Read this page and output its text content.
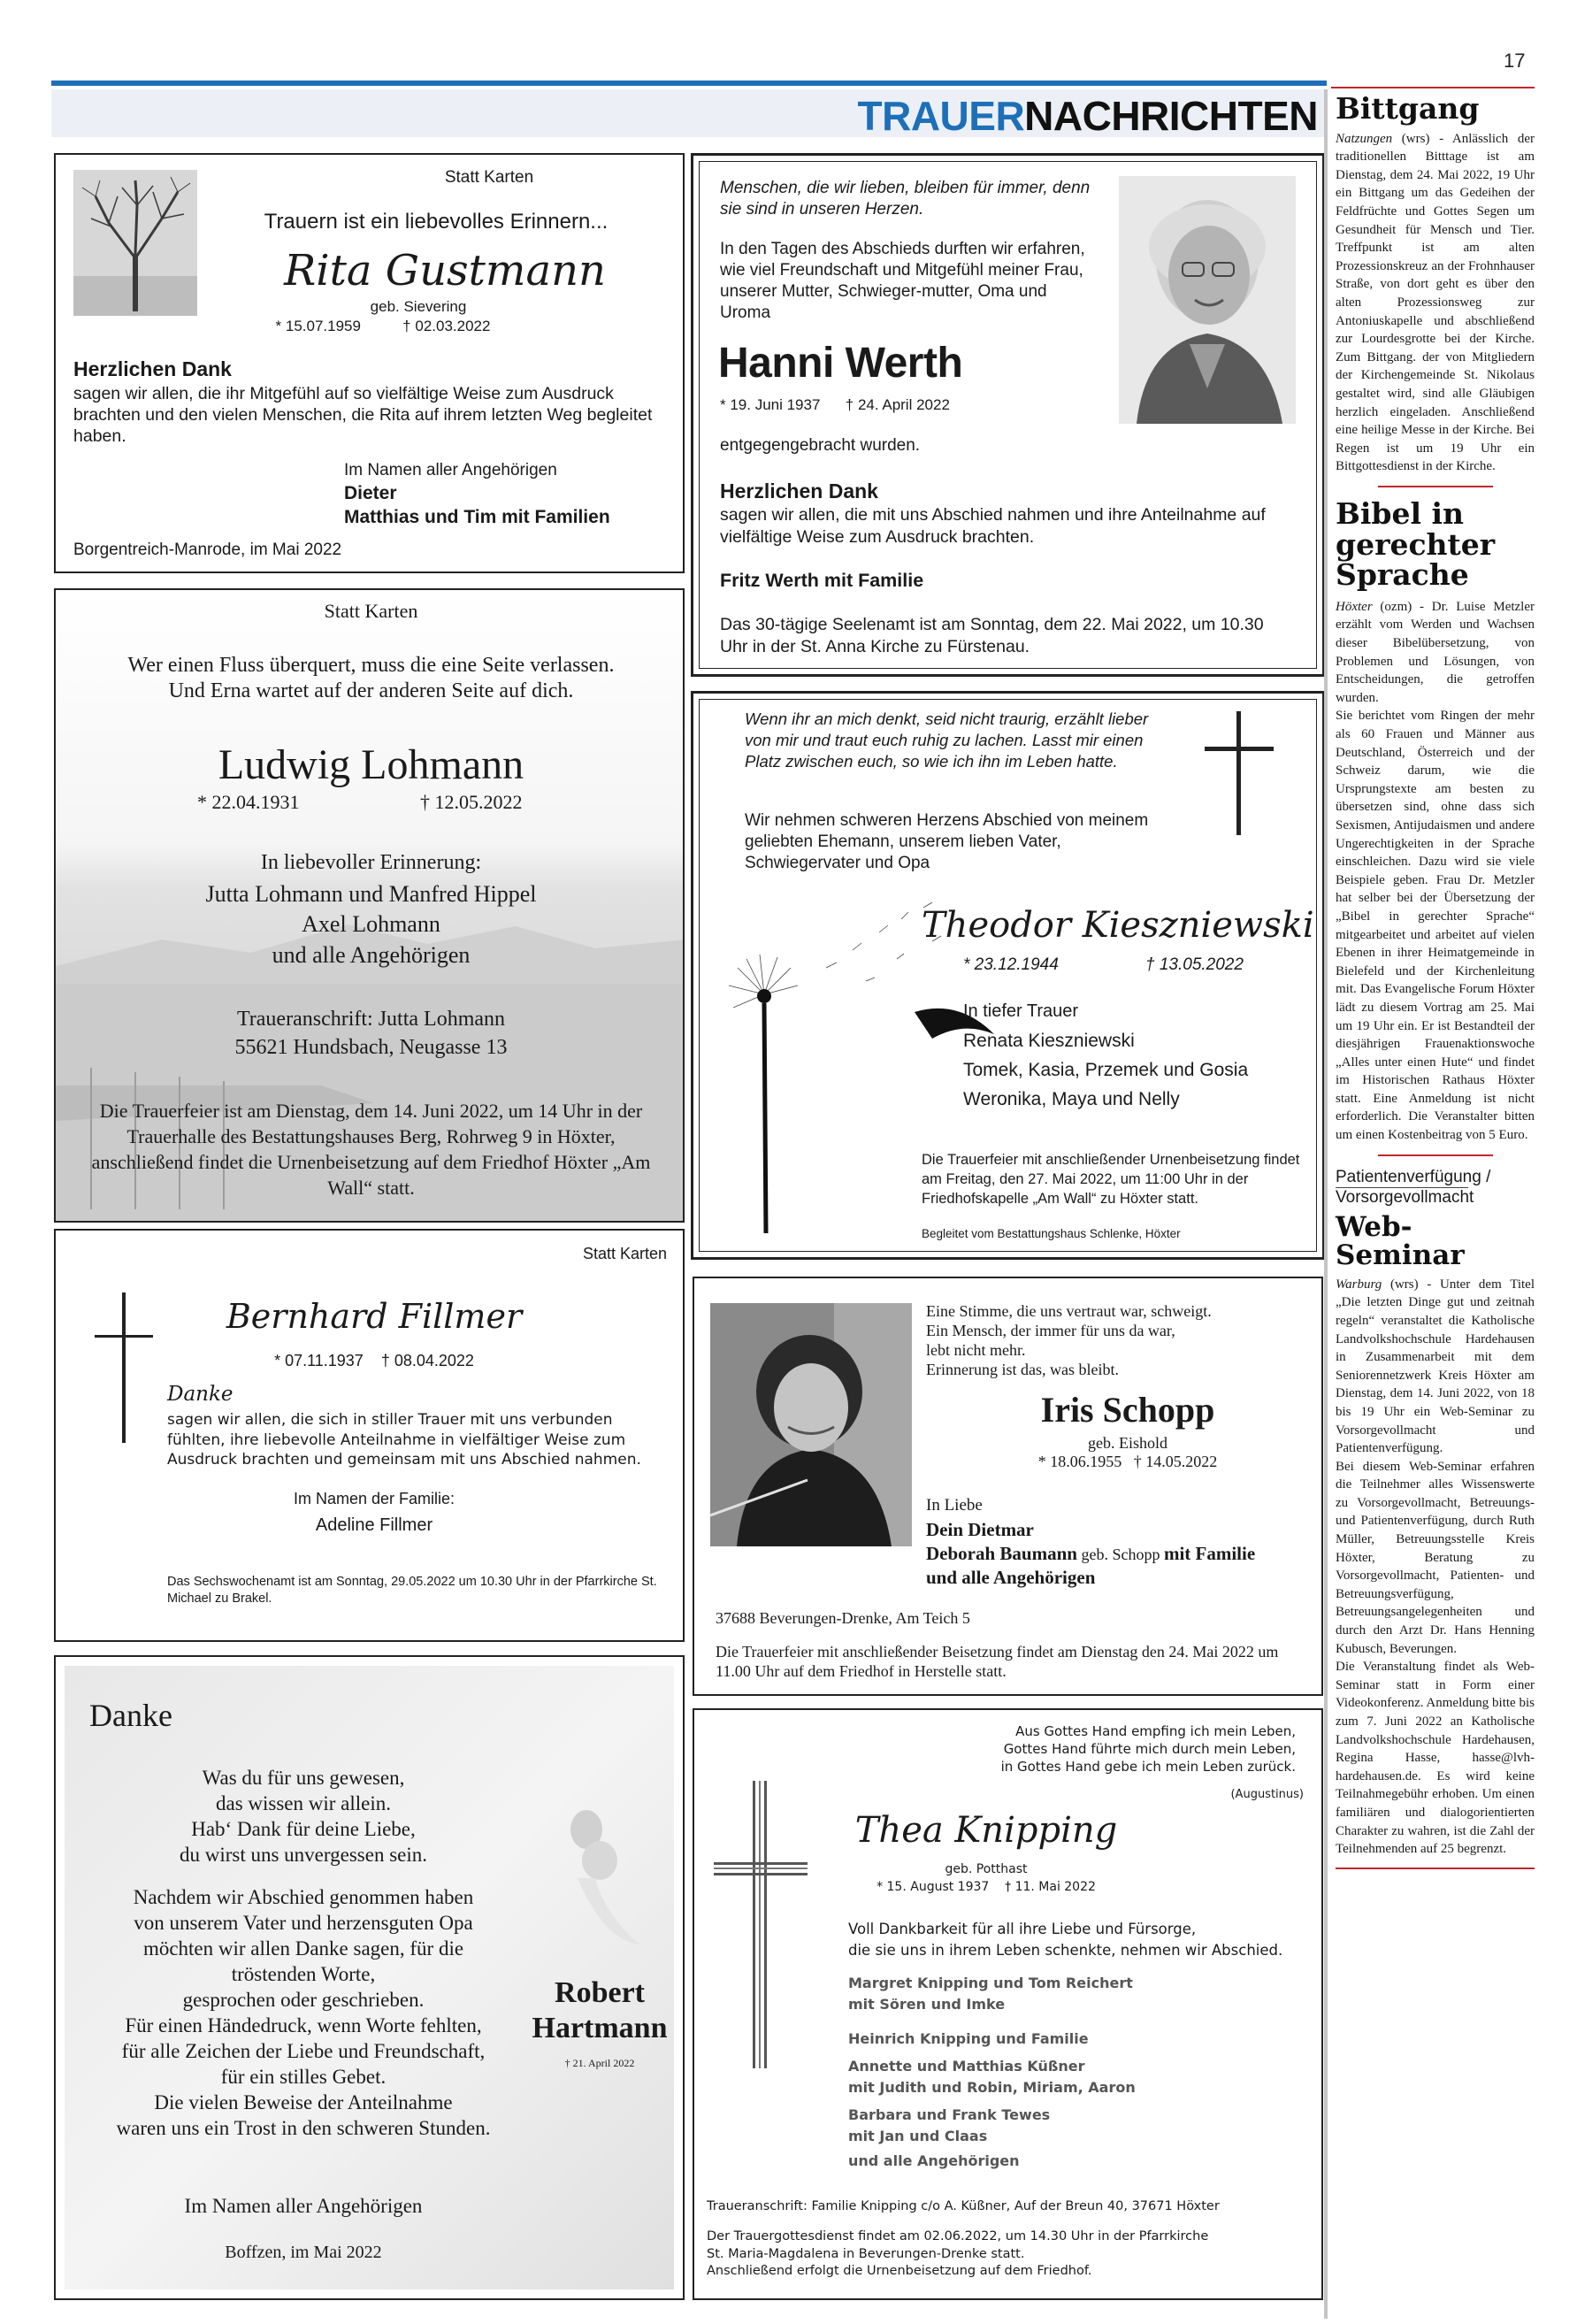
17
TRAUERNACHRICHTEN
Statt Karten
Trauern ist ein liebevolles Erinnern...
Rita Gustmann
geb. Sievering
* 15.07.1959          † 02.03.2022
Herzlichen Dank
sagen wir allen, die ihr Mitgefühl auf so vielfältige Weise zum Ausdruck brachten und den vielen Menschen, die Rita auf ihrem letzten Weg begleitet haben.
Im Namen aller Angehörigen
Dieter
Matthias und Tim mit Familien
Borgentreich-Manrode, im Mai 2022
Menschen, die wir lieben, bleiben für immer, denn sie sind in unseren Herzen.
In den Tagen des Abschieds durften wir erfahren, wie viel Freundschaft und Mitgefühl meiner Frau, unserer Mutter, Schwieger-mutter, Oma und Uroma
Hanni Werth
* 19. Juni 1937      † 24. April 2022
entgegengebracht wurden.
Herzlichen Dank
sagen wir allen, die mit uns Abschied nahmen und ihre Anteilnahme auf vielfältige Weise zum Ausdruck brachten.
Fritz Werth mit Familie
Das 30-tägige Seelenamt ist am Sonntag, dem 22. Mai 2022, um 10.30 Uhr in der St. Anna Kirche zu Fürstenau.
Statt Karten
Wer einen Fluss überquert, muss die eine Seite verlassen.
Und Erna wartet auf der anderen Seite auf dich.
Ludwig Lohmann
* 22.04.1931	† 12.05.2022
In liebevoller Erinnerung:
Jutta Lohmann und Manfred Hippel
Axel Lohmann
und alle Angehörigen
Traueranschrift: Jutta Lohmann
55621 Hundsbach, Neugasse 13
Die Trauerfeier ist am Dienstag, dem 14. Juni 2022, um 14 Uhr in der Trauerhalle des Bestattungshauses Berg, Rohrweg 9 in Höxter, anschließend findet die Urnenbeisetzung auf dem Friedhof Höxter „Am Wall“ statt.
Wenn ihr an mich denkt, seid nicht traurig, erzählt lieber von mir und traut euch ruhig zu lachen. Lasst mir einen Platz zwischen euch, so wie ich ihn im Leben hatte.
Wir nehmen schweren Herzens Abschied von meinem geliebten Ehemann, unserem lieben Vater, Schwiegervater und Opa
Theodor Kieszniewski
* 23.12.1944	† 13.05.2022
In tiefer Trauer
Renata Kieszniewski
Tomek, Kasia, Przemek und Gosia
Weronika, Maya und Nelly
Die Trauerfeier mit anschließender Urnenbeisetzung findet am Freitag, den 27. Mai 2022, um 11:00 Uhr in der Friedhofskapelle „Am Wall“ zu Höxter statt.
Begleitet vom Bestattungshaus Schlenke, Höxter
Statt Karten
Bernhard Fillmer
* 07.11.1937    † 08.04.2022
Danke
sagen wir allen, die sich in stiller Trauer mit uns verbunden fühlten, ihre liebevolle Anteilnahme in vielfältiger Weise zum Ausdruck brachten und gemeinsam mit uns Abschied nahmen.
Im Namen der Familie:
Adeline Fillmer
Das Sechswochenamt ist am Sonntag, 29.05.2022 um 10.30 Uhr in der Pfarrkirche St. Michael zu Brakel.
Eine Stimme, die uns vertraut war, schweigt.
Ein Mensch, der immer für uns da war,
lebt nicht mehr.
Erinnerung ist das, was bleibt.
Iris Schopp
geb. Eishold
* 18.06.1955   † 14.05.2022
In Liebe
Dein Dietmar
Deborah Baumann geb. Schopp mit Familie
und alle Angehörigen
37688 Beverungen-Drenke, Am Teich 5
Die Trauerfeier mit anschließender Beisetzung findet am Dienstag den 24. Mai 2022 um 11.00 Uhr auf dem Friedhof in Herstelle statt.
Danke
Was du für uns gewesen,
das wissen wir allein.
Hab‘ Dank für deine Liebe,
du wirst uns unvergessen sein.
Nachdem wir Abschied genommen haben
von unserem Vater und herzensguten Opa
möchten wir allen Danke sagen, für die
tröstenden Worte,
gesprochen oder geschrieben.
Für einen Händedruck, wenn Worte fehlten,
für alle Zeichen der Liebe und Freundschaft,
für ein stilles Gebet.
Die vielen Beweise der Anteilnahme
waren uns ein Trost in den schweren Stunden.
Robert
Hartmann
† 21. April 2022
Im Namen aller Angehörigen
Boffzen, im Mai 2022
Aus Gottes Hand empfing ich mein Leben,
Gottes Hand führte mich durch mein Leben,
in Gottes Hand gebe ich mein Leben zurück.
(Augustinus)
Thea Knipping
geb. Potthast
* 15. August 1937    † 11. Mai 2022
Voll Dankbarkeit für all ihre Liebe und Fürsorge,
die sie uns in ihrem Leben schenkte, nehmen wir Abschied.
Margret Knipping und Tom Reichert
mit Sören und Imke
Heinrich Knipping und Familie
Annette und Matthias Küßner
mit Judith und Robin, Miriam, Aaron
Barbara und Frank Tewes
mit Jan und Claas
und alle Angehörigen
Traueranschrift: Familie Knipping c/o A. Küßner, Auf der Breun 40, 37671 Höxter
Der Trauergottesdienst findet am 02.06.2022, um 14.30 Uhr in der Pfarrkirche
St. Maria-Magdalena in Beverungen-Drenke statt.
Anschließend erfolgt die Urnenbeisetzung auf dem Friedhof.
Bittgang

Natzungen (wrs) - Anlässlich der traditionellen Bitttage ist am Dienstag, dem 24. Mai 2022, 19 Uhr ein Bittgang um das Gedeihen der Feldfrüchte und Gottes Segen um Gesundheit für Mensch und Tier. Treffpunkt ist am alten Prozessionskreuz an der Frohnhauser Straße, von dort geht es über den alten Prozessionsweg zur Antoniuskapelle und abschließend zur Lourdesgrotte bei der Kirche. Zum Bittgang. der von Mitgliedern der Kirchengemeinde St. Nikolaus gestaltet wird, sind alle Gläubigen herzlich eingeladen. Anschließend eine heilige Messe in der Kirche. Bei Regen ist um 19 Uhr ein Bittgottesdienst in der Kirche.

Bibel in gerechter Sprache

Höxter (ozm) - Dr. Luise Metzler erzählt vom Werden und Wachsen dieser Bibelübersetzung, von Problemen und Lösungen, von Entscheidungen, die getroffen wurden.

Sie berichtet vom Ringen der mehr als 60 Frauen und Männer aus Deutschland, Österreich und der Schweiz darum, wie die Ursprungstexte am besten zu übersetzen sind, ohne dass sich Sexismen, Antijudaismen und andere Ungerechtigkeiten in der Sprache einschleichen. Dazu wird sie viele Beispiele geben. Frau Dr. Metzler hat selber bei der Übersetzung der „Bibel in gerechter Sprache“ mitgearbeitet und arbeitet auf vielen Ebenen in ihrer Heimatgemeinde in Bielefeld und der Kirchenleitung mit. Das Evangelische Forum Höxter lädt zu diesem Vortrag am 25. Mai um 19 Uhr ein. Er ist Bestandteil der diesjährigen Frauenaktionswoche „Alles unter einen Hute“ und findet im Historischen Rathaus Höxter statt. Eine Anmeldung ist nicht erforderlich. Die Veranstalter bitten um einen Kostenbeitrag von 5 Euro.

Patientenverfügung /
Vorsorgevollmacht
Web-Seminar

Warburg (wrs) - Unter dem Titel „Die letzten Dinge gut und zeitnah regeln“ veranstaltet die Katholische Landvolkshochschule Hardehausen in Zusammenarbeit mit dem Seniorennetzwerk Kreis Höxter am Dienstag, dem 14. Juni 2022, von 18 bis 19 Uhr ein Web-Seminar zu Vorsorgevollmacht und Patientenverfügung.

Bei diesem Web-Seminar erfahren die Teilnehmer alles Wissenswerte zu Vorsorgevollmacht, Betreuungs- und Patientenverfügung, durch Ruth Müller, Betreuungsstelle Kreis Höxter, Beratung zu Vorsorgevollmacht, Patienten- und Betreuungsverfügung, Betreuungsangelegenheiten und durch den Arzt Dr. Hans Henning Kubusch, Beverungen.

Die Veranstaltung findet als Web-Seminar statt in Form einer Videokonferenz. Anmeldung bitte bis zum 7. Juni 2022 an Katholische Landvolkshochschule Hardehausen, Regina Hasse, hasse@lvh-hardehausen.de. Es wird keine Teilnahmegebühr erhoben. Um einen familiären und dialogorientierten Charakter zu wahren, ist die Zahl der Teilnehmenden auf 25 begrenzt.
